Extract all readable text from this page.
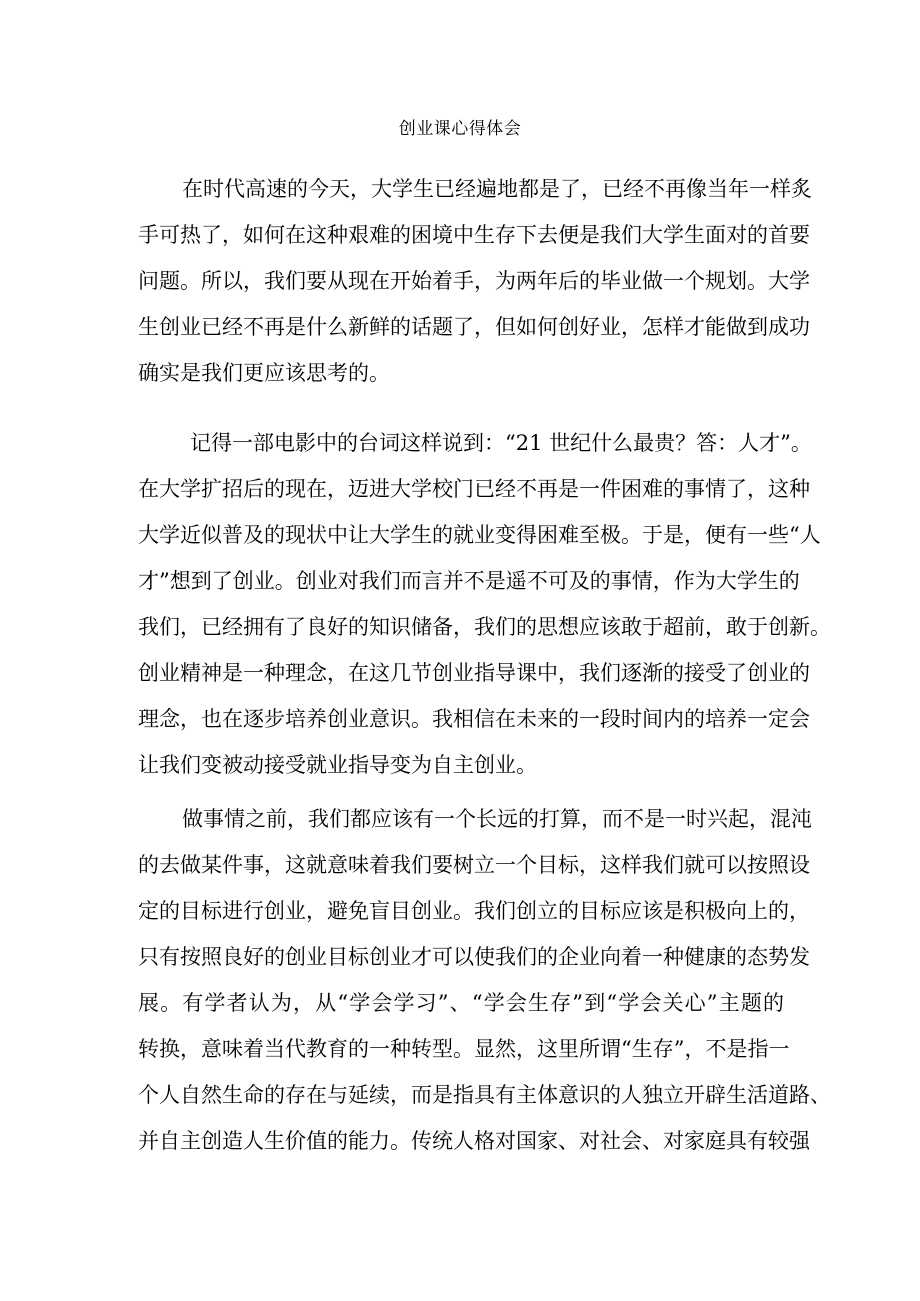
创业课心得体会
在时代高速的今天，大学生已经遍地都是了，已经不再像当年一样炙
手可热了，如何在这种艰难的困境中生存下去便是我们大学生面对的首要
问题。所以，我们要从现在开始着手，为两年后的毕业做一个规划。大学
生创业已经不再是什么新鲜的话题了，但如何创好业，怎样才能做到成功
确实是我们更应该思考的。
记得一部电影中的台词这样说到：“21 世纪什么最贵？答：人才”。
在大学扩招后的现在，迈进大学校门已经不再是一件困难的事情了，这种
大学近似普及的现状中让大学生的就业变得困难至极。于是，便有一些“人
才”想到了创业。创业对我们而言并不是遥不可及的事情，作为大学生的
我们，已经拥有了良好的知识储备，我们的思想应该敢于超前，敢于创新。
创业精神是一种理念，在这几节创业指导课中，我们逐渐的接受了创业的
理念，也在逐步培养创业意识。我相信在未来的一段时间内的培养一定会
让我们变被动接受就业指导变为自主创业。
做事情之前，我们都应该有一个长远的打算，而不是一时兴起，混沌
的去做某件事，这就意味着我们要树立一个目标，这样我们就可以按照设
定的目标进行创业，避免盲目创业。我们创立的目标应该是积极向上的，
只有按照良好的创业目标创业才可以使我们的企业向着一种健康的态势发
展。有学者认为，从“学会学习”、“学会生存”到“学会关心”主题的
转换，意味着当代教育的一种转型。显然，这里所谓“生存”，不是指一
个人自然生命的存在与延续，而是指具有主体意识的人独立开辟生活道路、
并自主创造人生价值的能力。传统人格对国家、对社会、对家庭具有较强
